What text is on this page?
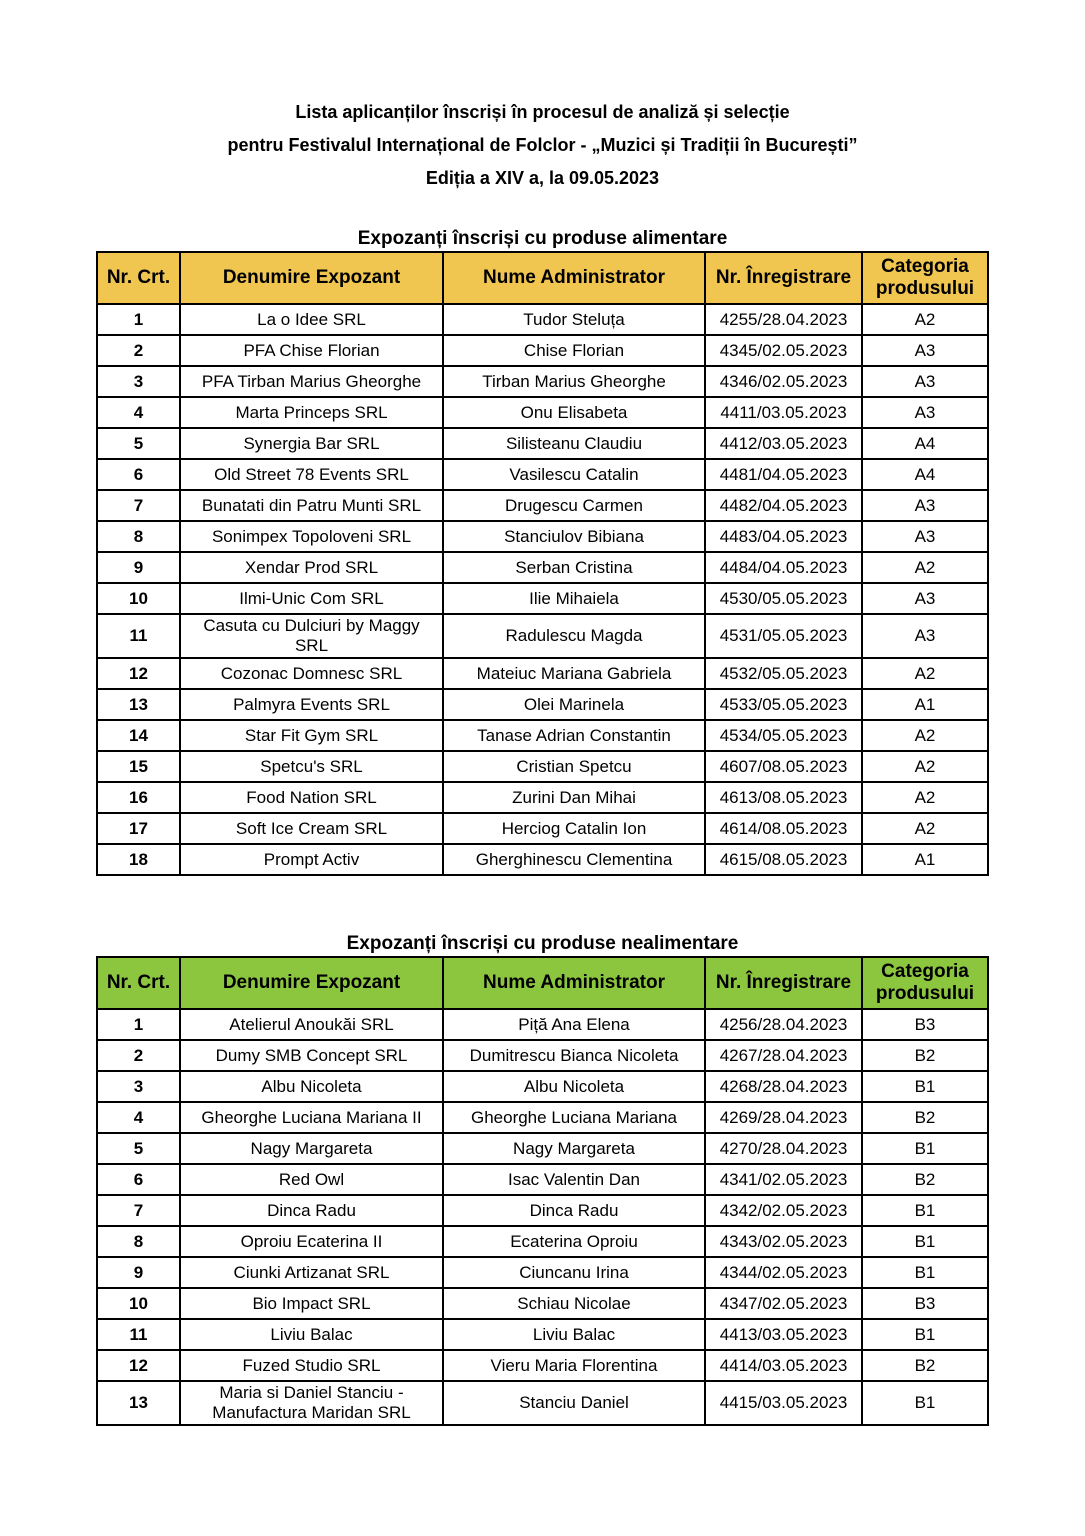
Lista aplicanților înscriși în procesul de analiză și selecție
pentru Festivalul Internațional de Folclor - „Muzici și Tradiții în București”
Ediția a XIV a, la 09.05.2023
Expozanți înscriși cu produse alimentare
Nr. Crt.	Denumire Expozant	Nume Administrator	Nr. Înregistrare	Categoria produsului
1	La o Idee SRL	Tudor Steluța	4255/28.04.2023	A2
2	PFA Chise Florian	Chise Florian	4345/02.05.2023	A3
3	PFA Tirban Marius Gheorghe	Tirban Marius Gheorghe	4346/02.05.2023	A3
4	Marta Princeps SRL	Onu Elisabeta	4411/03.05.2023	A3
5	Synergia Bar SRL	Silisteanu Claudiu	4412/03.05.2023	A4
6	Old Street 78 Events SRL	Vasilescu Catalin	4481/04.05.2023	A4
7	Bunatati din Patru Munti SRL	Drugescu Carmen	4482/04.05.2023	A3
8	Sonimpex Topoloveni SRL	Stanciulov Bibiana	4483/04.05.2023	A3
9	Xendar Prod SRL	Serban Cristina	4484/04.05.2023	A2
10	Ilmi-Unic Com SRL	Ilie Mihaiela	4530/05.05.2023	A3
11	Casuta cu Dulciuri by Maggy SRL	Radulescu Magda	4531/05.05.2023	A3
12	Cozonac Domnesc SRL	Mateiuc Mariana Gabriela	4532/05.05.2023	A2
13	Palmyra Events SRL	Olei Marinela	4533/05.05.2023	A1
14	Star Fit Gym SRL	Tanase Adrian Constantin	4534/05.05.2023	A2
15	Spetcu's SRL	Cristian Spetcu	4607/08.05.2023	A2
16	Food Nation SRL	Zurini Dan Mihai	4613/08.05.2023	A2
17	Soft Ice Cream SRL	Herciog Catalin Ion	4614/08.05.2023	A2
18	Prompt Activ	Gherghinescu Clementina	4615/08.05.2023	A1
Expozanți înscriși cu produse nealimentare
Nr. Crt.	Denumire Expozant	Nume Administrator	Nr. Înregistrare	Categoria produsului
1	Atelierul Anoukăi SRL	Piță Ana Elena	4256/28.04.2023	B3
2	Dumy SMB Concept SRL	Dumitrescu Bianca Nicoleta	4267/28.04.2023	B2
3	Albu Nicoleta	Albu Nicoleta	4268/28.04.2023	B1
4	Gheorghe Luciana Mariana II	Gheorghe Luciana Mariana	4269/28.04.2023	B2
5	Nagy Margareta	Nagy Margareta	4270/28.04.2023	B1
6	Red Owl	Isac Valentin Dan	4341/02.05.2023	B2
7	Dinca Radu	Dinca Radu	4342/02.05.2023	B1
8	Oproiu Ecaterina II	Ecaterina Oproiu	4343/02.05.2023	B1
9	Ciunki Artizanat SRL	Ciuncanu Irina	4344/02.05.2023	B1
10	Bio Impact SRL	Schiau Nicolae	4347/02.05.2023	B3
11	Liviu Balac	Liviu Balac	4413/03.05.2023	B1
12	Fuzed Studio SRL	Vieru Maria Florentina	4414/03.05.2023	B2
13	Maria si Daniel Stanciu - Manufactura Maridan SRL	Stanciu Daniel	4415/03.05.2023	B1
